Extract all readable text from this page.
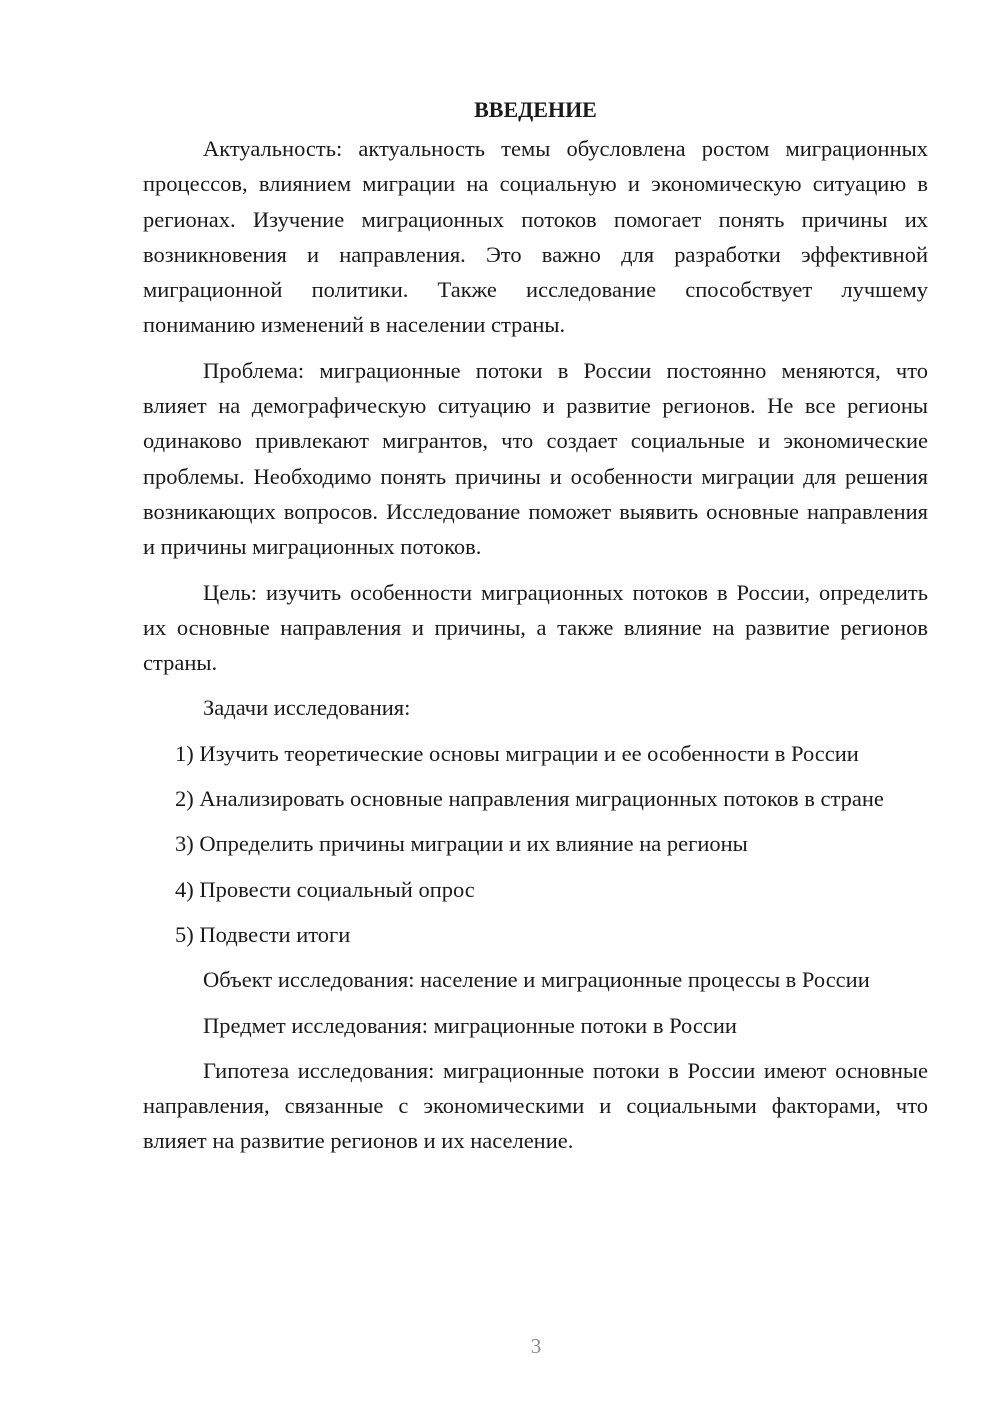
ВВЕДЕНИЕ

Актуальность: актуальность темы обусловлена ростом миграционных процессов, влиянием миграции на социальную и экономическую ситуацию в регионах. Изучение миграционных потоков помогает понять причины их возникновения и направления. Это важно для разработки эффективной миграционной политики. Также исследование способствует лучшему пониманию изменений в населении страны.

Проблема: миграционные потоки в России постоянно меняются, что влияет на демографическую ситуацию и развитие регионов. Не все регионы одинаково привлекают мигрантов, что создает социальные и экономические проблемы. Необходимо понять причины и особенности миграции для решения возникающих вопросов. Исследование поможет выявить основные направления и причины миграционных потоков.

Цель: изучить особенности миграционных потоков в России, определить их основные направления и причины, а также влияние на развитие регионов страны.

Задачи исследования:

1) Изучить теоретические основы миграции и ее особенности в России

2) Анализировать основные направления миграционных потоков в стране

3) Определить причины миграции и их влияние на регионы

4) Провести социальный опрос

5) Подвести итоги

Объект исследования: население и миграционные процессы в России

Предмет исследования: миграционные потоки в России

Гипотеза исследования: миграционные потоки в России имеют основные направления, связанные с экономическими и социальными факторами, что влияет на развитие регионов и их население.

3
